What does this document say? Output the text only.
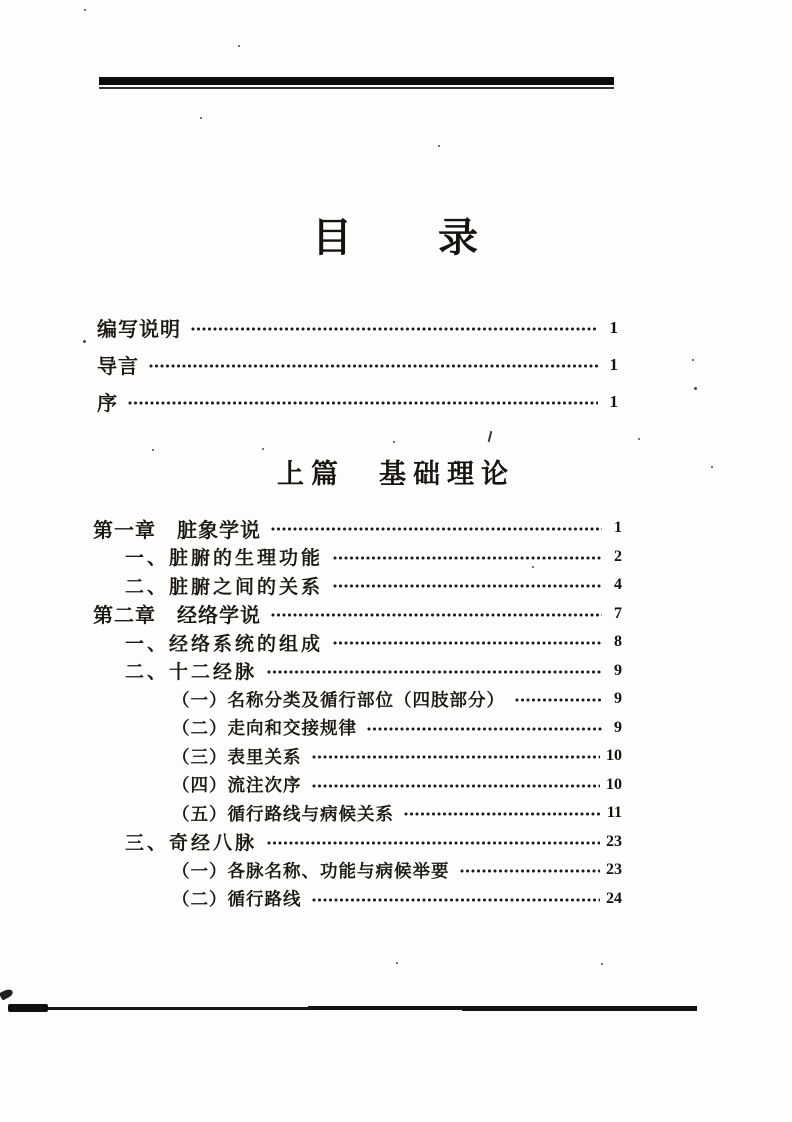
目　　录
编写说明	1
导言	1
序	1
上篇　基础理论
第一章　脏象学说	1
一、脏腑的生理功能	2
二、脏腑之间的关系	4
第二章　经络学说	7
一、经络系统的组成	8
二、十二经脉	9
（一）名称分类及循行部位（四肢部分）	9
（二）走向和交接规律	9
（三）表里关系	10
（四）流注次序	10
（五）循行路线与病候关系	11
三、奇经八脉	23
（一）各脉名称、功能与病候举要	23
（二）循行路线	24
